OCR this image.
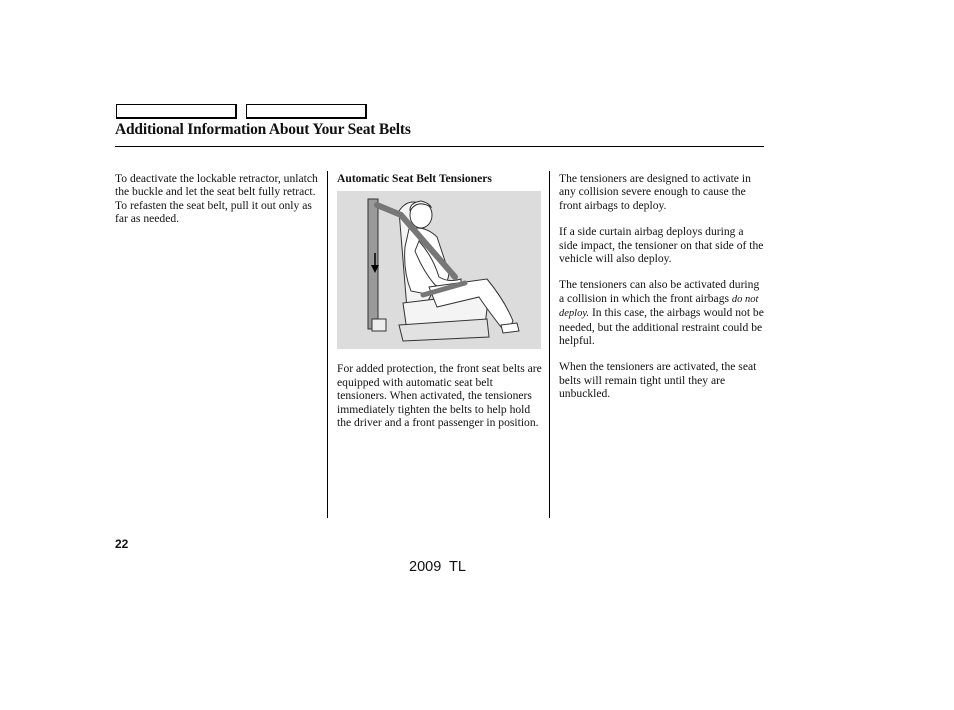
Additional Information About Your Seat Belts

To deactivate the lockable retractor, unlatch the buckle and let the seat belt fully retract. To refasten the seat belt, pull it out only as far as needed.

Automatic Seat Belt Tensioners

For added protection, the front seat belts are equipped with automatic seat belt tensioners. When activated, the tensioners immediately tighten the belts to help hold the driver and a front passenger in position.

The tensioners are designed to activate in any collision severe enough to cause the front airbags to deploy.

If a side curtain airbag deploys during a side impact, the tensioner on that side of the vehicle will also deploy.

The tensioners can also be activated during a collision in which the front airbags do not deploy. In this case, the airbags would not be needed, but the additional restraint could be helpful.

When the tensioners are activated, the seat belts will remain tight until they are unbuckled.

22
2009  TL
